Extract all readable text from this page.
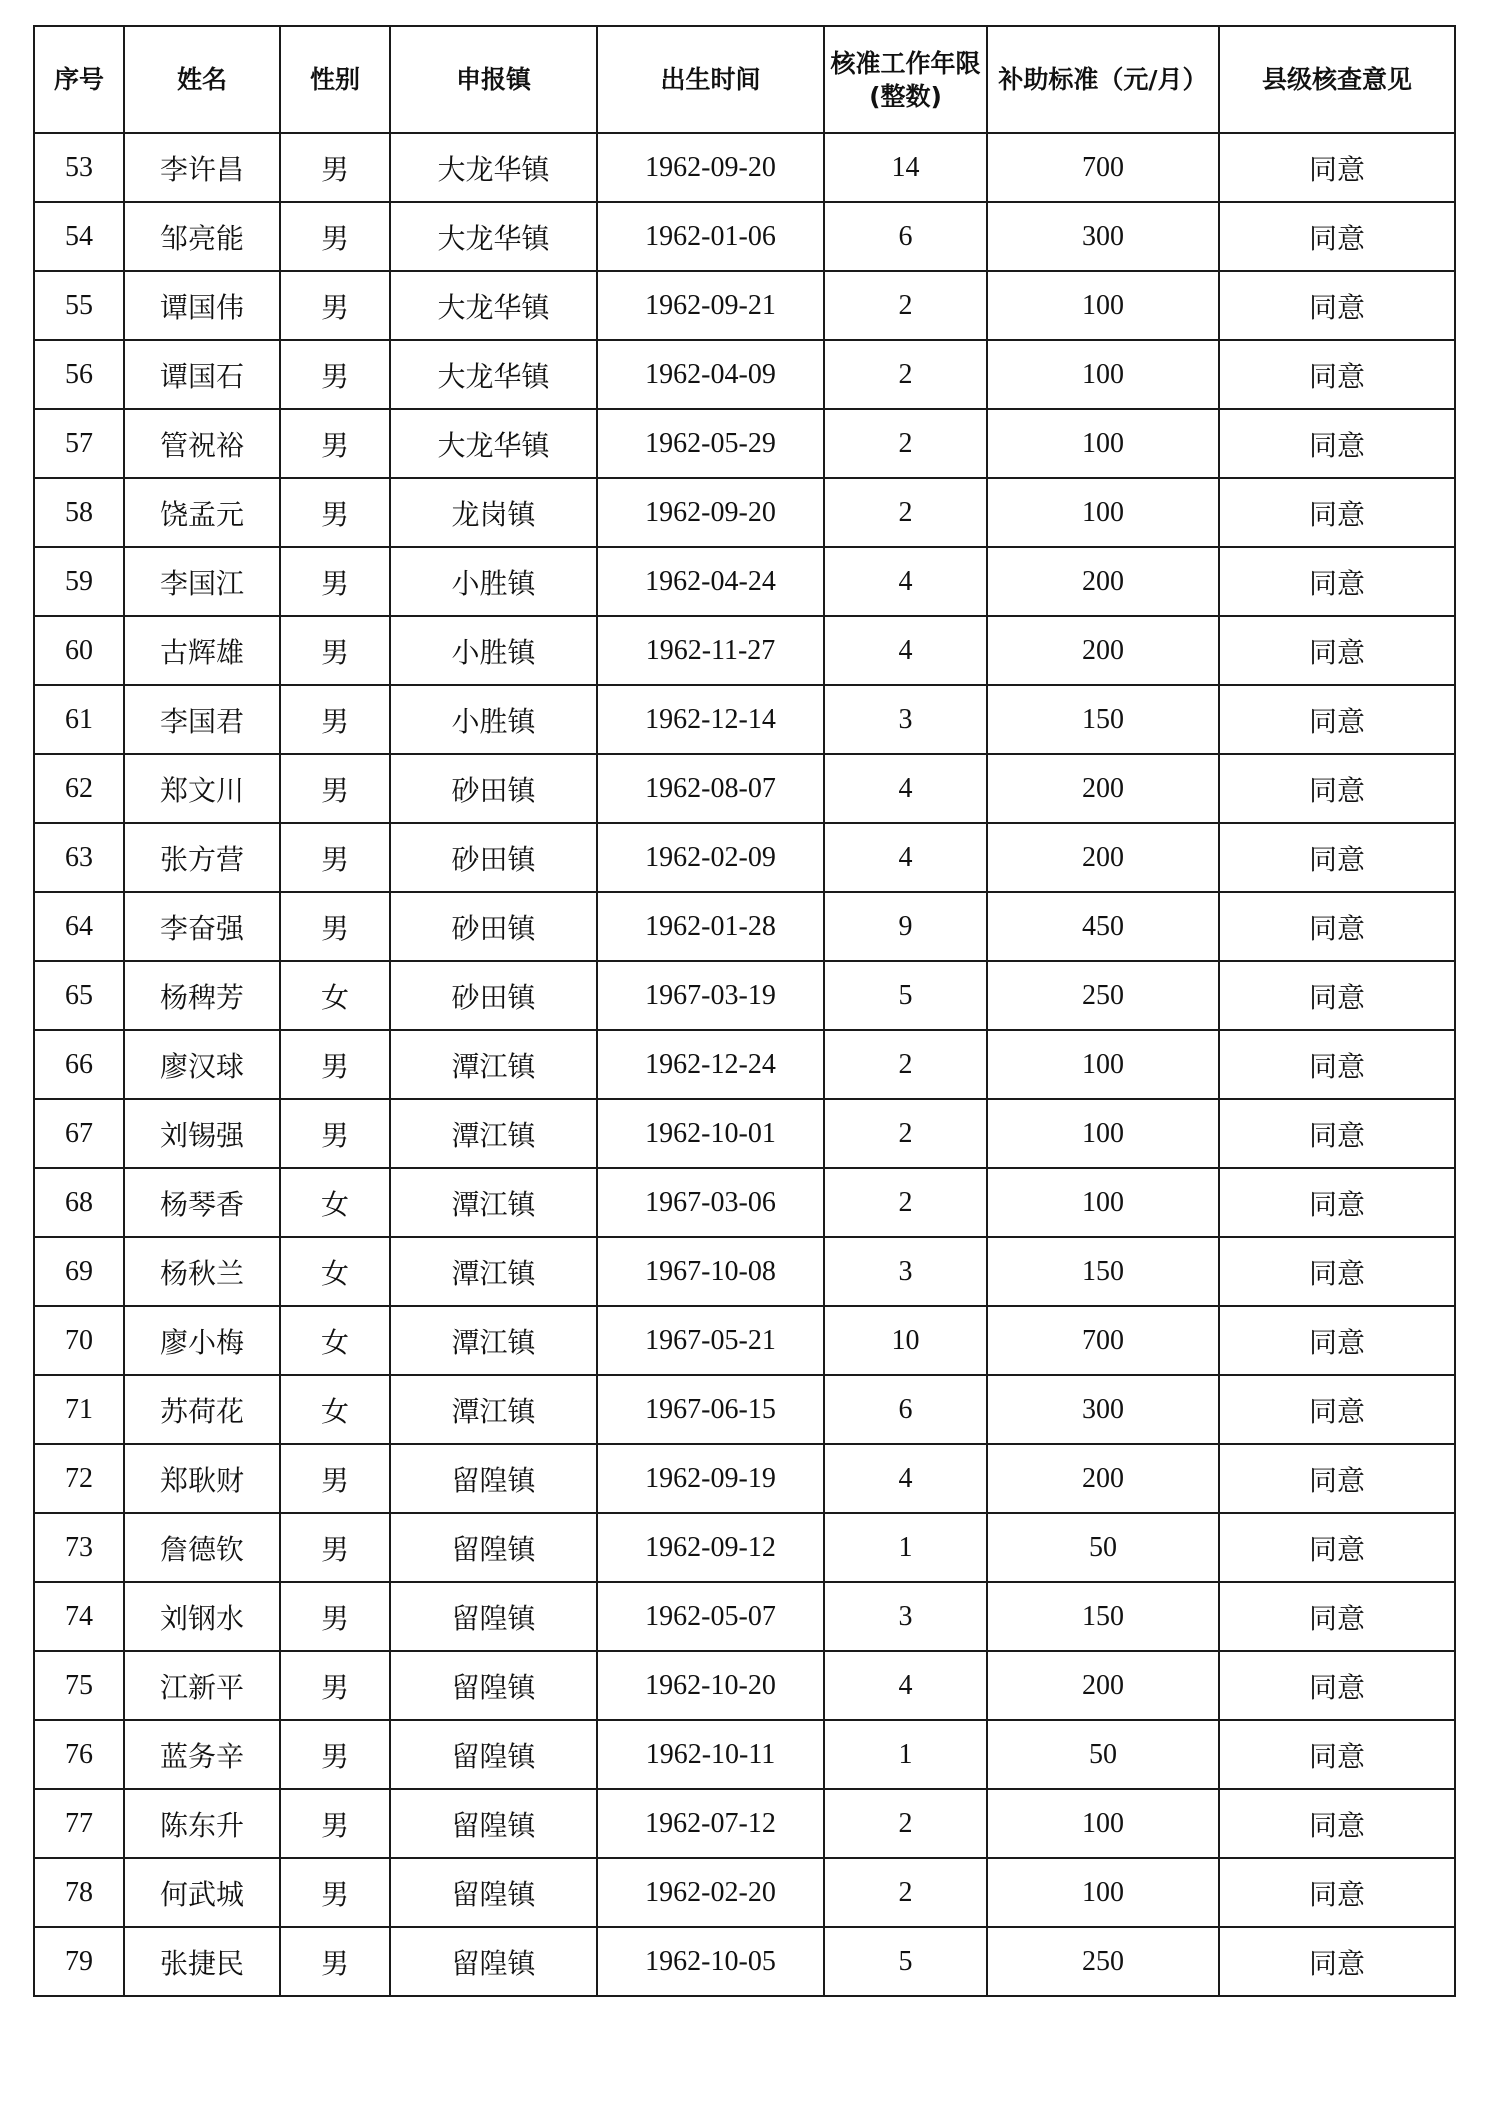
序号	姓名	性别	申报镇	出生时间	核准工作年限(整数)	补助标准（元/月）	县级核查意见
53	李许昌	男	大龙华镇	1962-09-20	14	700	同意
54	邹亮能	男	大龙华镇	1962-01-06	6	300	同意
55	谭国伟	男	大龙华镇	1962-09-21	2	100	同意
56	谭国石	男	大龙华镇	1962-04-09	2	100	同意
57	管祝裕	男	大龙华镇	1962-05-29	2	100	同意
58	饶孟元	男	龙岗镇	1962-09-20	2	100	同意
59	李国江	男	小胜镇	1962-04-24	4	200	同意
60	古辉雄	男	小胜镇	1962-11-27	4	200	同意
61	李国君	男	小胜镇	1962-12-14	3	150	同意
62	郑文川	男	砂田镇	1962-08-07	4	200	同意
63	张方营	男	砂田镇	1962-02-09	4	200	同意
64	李奋强	男	砂田镇	1962-01-28	9	450	同意
65	杨稗芳	女	砂田镇	1967-03-19	5	250	同意
66	廖汉球	男	潭江镇	1962-12-24	2	100	同意
67	刘锡强	男	潭江镇	1962-10-01	2	100	同意
68	杨琴香	女	潭江镇	1967-03-06	2	100	同意
69	杨秋兰	女	潭江镇	1967-10-08	3	150	同意
70	廖小梅	女	潭江镇	1967-05-21	10	700	同意
71	苏荷花	女	潭江镇	1967-06-15	6	300	同意
72	郑耿财	男	留隍镇	1962-09-19	4	200	同意
73	詹德钦	男	留隍镇	1962-09-12	1	50	同意
74	刘钢水	男	留隍镇	1962-05-07	3	150	同意
75	江新平	男	留隍镇	1962-10-20	4	200	同意
76	蓝务辛	男	留隍镇	1962-10-11	1	50	同意
77	陈东升	男	留隍镇	1962-07-12	2	100	同意
78	何武城	男	留隍镇	1962-02-20	2	100	同意
79	张捷民	男	留隍镇	1962-10-05	5	250	同意
